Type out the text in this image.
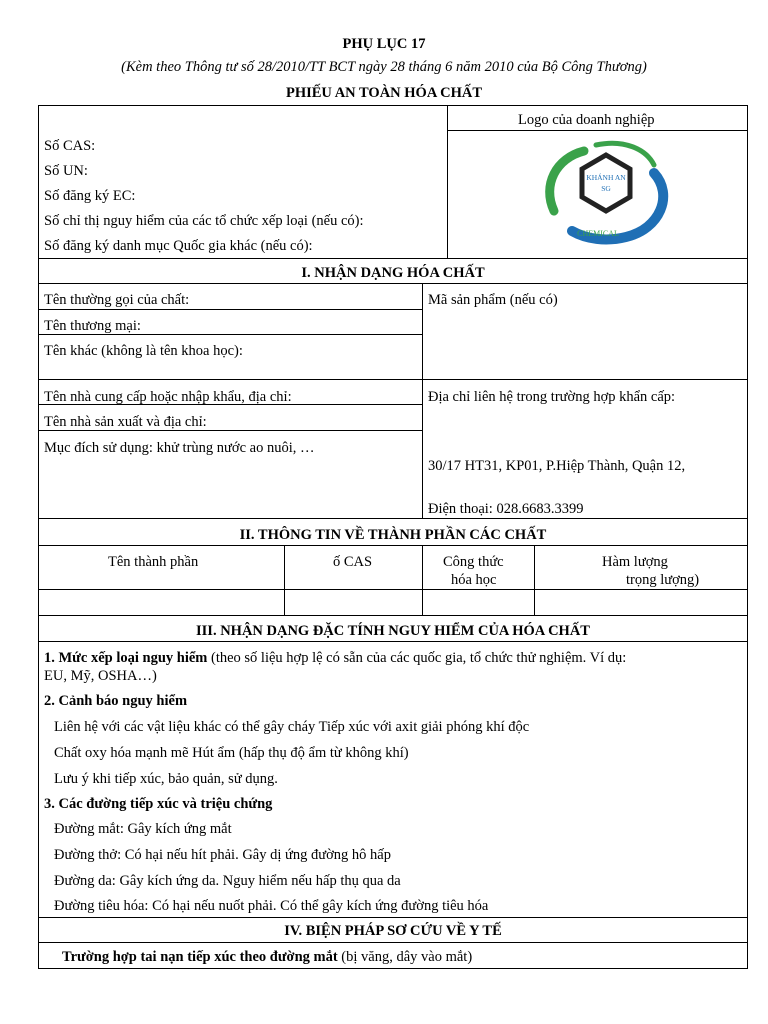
PHỤ LỤC 17
(Kèm theo Thông tư số 28/2010/TT BCT ngày 28 tháng 6 năm 2010 của Bộ Công Thương)
PHIẾU AN TOÀN HÓA CHẤT
Logo của doanh nghiệp
Số CAS:
Số UN:
Số đăng ký EC:
Số chỉ thị nguy hiểm của các tổ chức xếp loại (nếu có):
Số đăng ký danh mục Quốc gia khác (nếu có):
KHÁNH AN
SG
CHEMICAL
I. NHẬN DẠNG HÓA CHẤT
Tên thường gọi của chất:
Tên thương mại:
Tên khác (không là tên khoa học):
Mã sản phẩm (nếu có)
Tên nhà cung cấp hoặc nhập khẩu, địa chỉ:
Tên nhà sản xuất và địa chỉ:
Mục đích sử dụng: khử trùng nước ao nuôi, …
Địa chỉ liên hệ trong trường hợp khẩn cấp:
30/17 HT31, KP01, P.Hiệp Thành, Quận 12,
Điện thoại: 028.6683.3399
II. THÔNG TIN VỀ THÀNH PHẦN CÁC CHẤT
Tên thành phần	ố CAS	Công thức
hóa học
Hàm lượng
trọng lượng)
III. NHẬN DẠNG ĐẶC TÍNH NGUY HIỂM CỦA HÓA CHẤT
1. Mức xếp loại nguy hiểm (theo số liệu hợp lệ có sẵn của các quốc gia, tổ chức thử nghiệm. Ví dụ:
EU, Mỹ, OSHA…)
2. Cảnh báo nguy hiểm
Liên hệ với các vật liệu khác có thể gây cháy Tiếp xúc với axit giải phóng khí độc
Chất oxy hóa mạnh mẽ Hút ẩm (hấp thụ độ ẩm từ không khí)
Lưu ý khi tiếp xúc, bảo quản, sử dụng.
3. Các đường tiếp xúc và triệu chứng
Đường mắt: Gây kích ứng mắt
Đường thở: Có hại nếu hít phải. Gây dị ứng đường hô hấp
Đường da: Gây kích ứng da. Nguy hiểm nếu hấp thụ qua da
Đường tiêu hóa: Có hại nếu nuốt phải. Có thể gây kích ứng đường tiêu hóa
IV. BIỆN PHÁP SƠ CỨU VỀ Y TẾ
Trường hợp tai nạn tiếp xúc theo đường mắt (bị văng, dây vào mắt)
